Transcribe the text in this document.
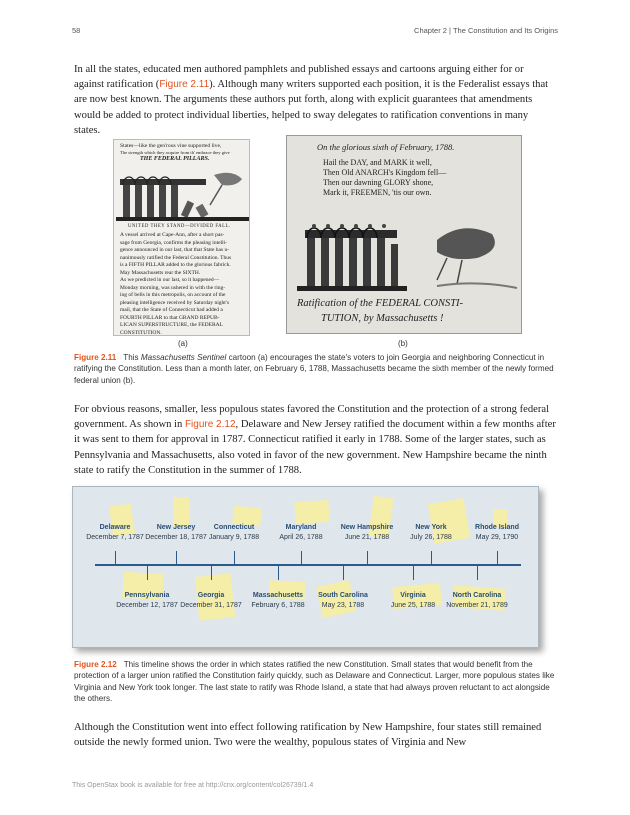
58	Chapter 2 | The Constitution and Its Origins

In all the states, educated men authored pamphlets and published essays and cartoons arguing either for or against ratification (Figure 2.11). Although many writers supported each position, it is the Federalist essays that are now best known. The arguments these authors put forth, along with explicit guarantees that amendments would be added to protect individual liberties, helped to sway delegates to ratification conventions in many states.

States—like the gen'rous vine supported live,
The strength which they acquire from th' embrace they give
THE FEDERAL PILLARS.
UNITED THEY STAND—DIVIDED FALL.
A vessel arrived at Cape-Ann, after a short pas-
sage from Georgia, confirms the pleasing intelli-
gence announced in our last, that that State has u-
nanimously ratified the Federal Constitution. Thus
is a FIFTH PILLAR added to the glorious fabrick.
May Massachusetts rear the SIXTH.
As we predicted in our last, so it happened—
Monday morning, was ushered in with the ring-
ing of bells in this metropolis, on account of the
pleasing intelligence received by Saturday night's
mail, that the State of Connecticut had added a
FOURTH PILLAR to that GRAND REPUB-
LICAN SUPERSTRUCTURE, the FEDERAL
CONSTITUTION.
(a)
On the glorious sixth of February, 1788.
Hail the DAY, and MARK it well,
Then Old ANARCH's Kingdom fell—
Then our dawning GLORY shone,
Mark it, FREEMEN, 'tis our own.
Ratification of the FEDERAL CONSTI-
TUTION, by Massachusetts !
(b)

Figure 2.11 This Massachusetts Sentinel cartoon (a) encourages the state's voters to join Georgia and neighboring Connecticut in ratifying the Constitution. Less than a month later, on February 6, 1788, Massachusetts became the sixth member of the newly formed federal union (b).

For obvious reasons, smaller, less populous states favored the Constitution and the protection of a strong federal government. As shown in Figure 2.12, Delaware and New Jersey ratified the document within a few months after it was sent to them for approval in 1787. Connecticut ratified it early in 1788. Some of the larger states, such as Pennsylvania and Massachusetts, also voted in favor of the new government. New Hampshire became the ninth state to ratify the Constitution in the summer of 1788.

Delaware
December 7, 1787
New Jersey
December 18, 1787
Connecticut
January 9, 1788
Maryland
April 26, 1788
New Hampshire
June 21, 1788
New York
July 26, 1788
Rhode Island
May 29, 1790
Pennsylvania
December 12, 1787
Georgia
December 31, 1787
Massachusetts
February 6, 1788
South Carolina
May 23, 1788
Virginia
June 25, 1788
North Carolina
November 21, 1789

Figure 2.12 This timeline shows the order in which states ratified the new Constitution. Small states that would benefit from the protection of a larger union ratified the Constitution fairly quickly, such as Delaware and Connecticut. Larger, more populous states like Virginia and New York took longer. The last state to ratify was Rhode Island, a state that had always proven reluctant to act alongside the others.

Although the Constitution went into effect following ratification by New Hampshire, four states still remained outside the newly formed union. Two were the wealthy, populous states of Virginia and New

This OpenStax book is available for free at http://cnx.org/content/col26739/1.4
